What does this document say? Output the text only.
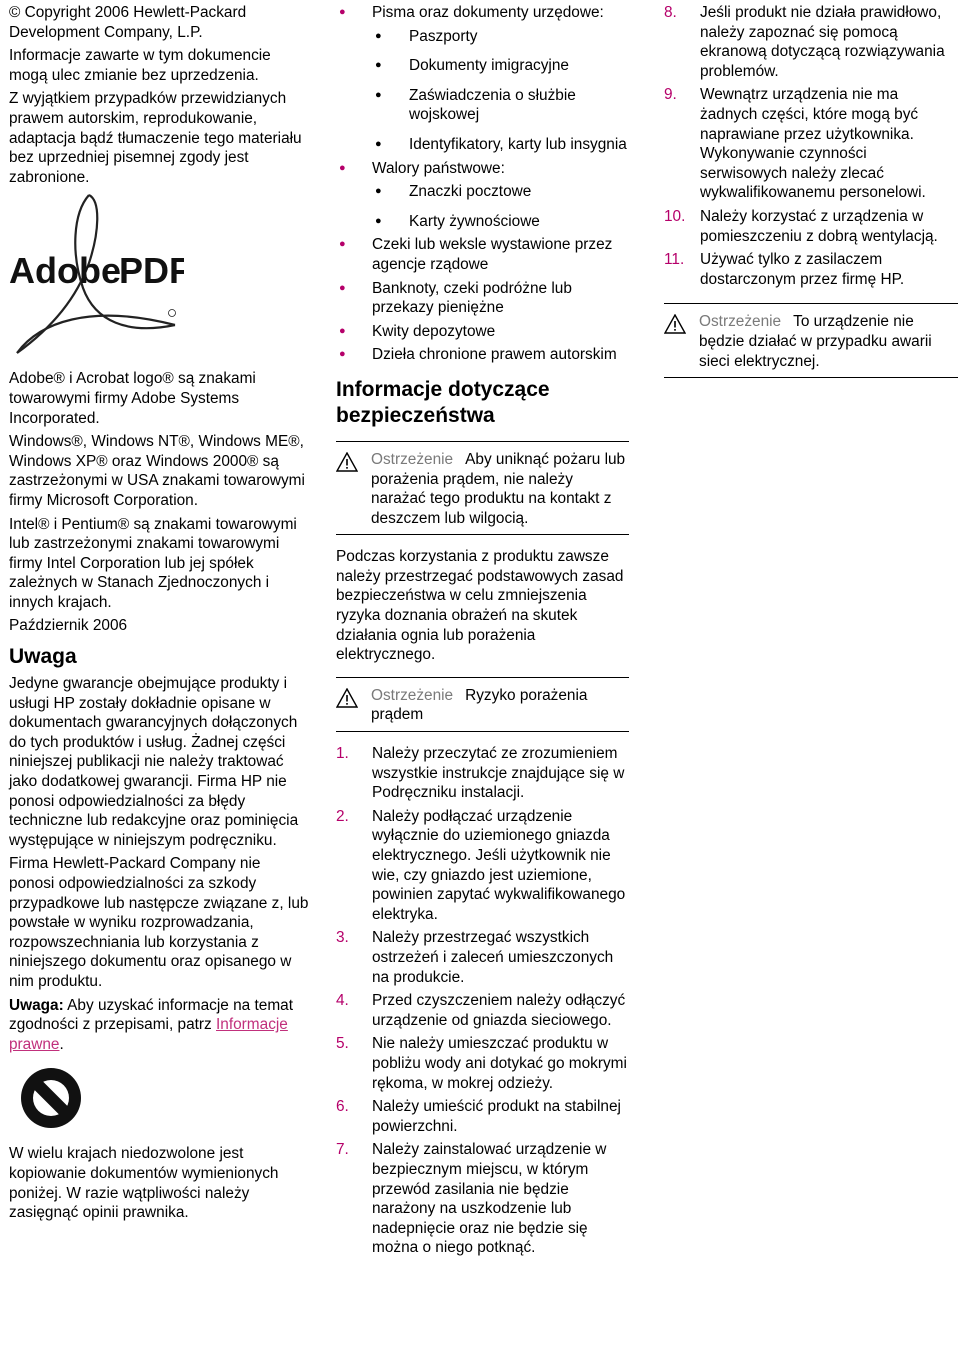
© Copyright 2006 Hewlett-Packard Development Company, L.P.

Informacje zawarte w tym dokumencie mogą ulec zmianie bez uprzedzenia.

Z wyjątkiem przypadków przewidzianych prawem autorskim, reprodukowanie, adaptacja bądź tłumaczenie tego materiału bez uprzedniej pisemnej zgody jest zabronione.

Adobe
PDF

Adobe® i Acrobat logo® są znakami towarowymi firmy Adobe Systems Incorporated.

Windows®, Windows NT®, Windows ME®, Windows XP® oraz Windows 2000® są zastrzeżonymi w USA znakami towarowymi firmy Microsoft Corporation.

Intel® i Pentium® są znakami towarowymi lub zastrzeżonymi znakami towarowymi firmy Intel Corporation lub jej spółek zależnych w Stanach Zjednoczonych i innych krajach.

Październik 2006

Uwaga

Jedyne gwarancje obejmujące produkty i usługi HP zostały dokładnie opisane w dokumentach gwarancyjnych dołączonych do tych produktów i usług. Żadnej części niniejszej publikacji nie należy traktować jako dodatkowej gwarancji. Firma HP nie ponosi odpowiedzialności za błędy techniczne lub redakcyjne oraz pominięcia występujące w niniejszym podręczniku.

Firma Hewlett-Packard Company nie ponosi odpowiedzialności za szkody przypadkowe lub następcze związane z, lub powstałe w wyniku rozprowadzania, rozpowszechniania lub korzystania z niniejszego dokumentu oraz opisanego w nim produktu.

Uwaga: Aby uzyskać informacje na temat zgodności z przepisami, patrz Informacje prawne.

W wielu krajach niedozwolone jest kopiowanie dokumentów wymienionych poniżej. W razie wątpliwości należy zasięgnąć opinii prawnika.

● Pisma oraz dokumenty urzędowe:
● Paszporty
● Dokumenty imigracyjne
● Zaświadczenia o służbie wojskowej
● Identyfikatory, karty lub insygnia
● Walory państwowe:
● Znaczki pocztowe
● Karty żywnościowe
● Czeki lub weksle wystawione przez agencje rządowe
● Banknoty, czeki podróżne lub przekazy pieniężne
● Kwity depozytowe
● Dzieła chronione prawem autorskim
Informacje dotyczące bezpieczeństwa
Ostrzeżenie Aby uniknąć pożaru lub porażenia prądem, nie należy narażać tego produktu na kontakt z deszczem lub wilgocią.

Podczas korzystania z produktu zawsze należy przestrzegać podstawowych zasad bezpieczeństwa w celu zmniejszenia ryzyka doznania obrażeń na skutek działania ognia lub porażenia elektrycznego.

Ostrzeżenie Ryzyko porażenia prądem
1. Należy przeczytać ze zrozumieniem wszystkie instrukcje znajdujące się w Podręczniku instalacji.
2. Należy podłączać urządzenie wyłącznie do uziemionego gniazda elektrycznego. Jeśli użytkownik nie wie, czy gniazdo jest uziemione, powinien zapytać wykwalifikowanego elektryka.
3. Należy przestrzegać wszystkich ostrzeżeń i zaleceń umieszczonych na produkcie.
4. Przed czyszczeniem należy odłączyć urządzenie od gniazda sieciowego.
5. Nie należy umieszczać produktu w pobliżu wody ani dotykać go mokrymi rękoma, w mokrej odzieży.
6. Należy umieścić produkt na stabilnej powierzchni.
7. Należy zainstalować urządzenie w bezpiecznym miejscu, w którym przewód zasilania nie będzie narażony na uszkodzenie lub nadepnięcie oraz nie będzie się można o niego potknąć.
8. Jeśli produkt nie działa prawidłowo, należy zapoznać się pomocą ekranową dotyczącą rozwiązywania problemów.
9. Wewnątrz urządzenia nie ma żadnych części, które mogą być naprawiane przez użytkownika. Wykonywanie czynności serwisowych należy zlecać wykwalifikowanemu personelowi.
10. Należy korzystać z urządzenia w pomieszczeniu z dobrą wentylacją.
11. Używać tylko z zasilaczem dostarczonym przez firmę HP.
Ostrzeżenie To urządzenie nie będzie działać w przypadku awarii sieci elektrycznej.
